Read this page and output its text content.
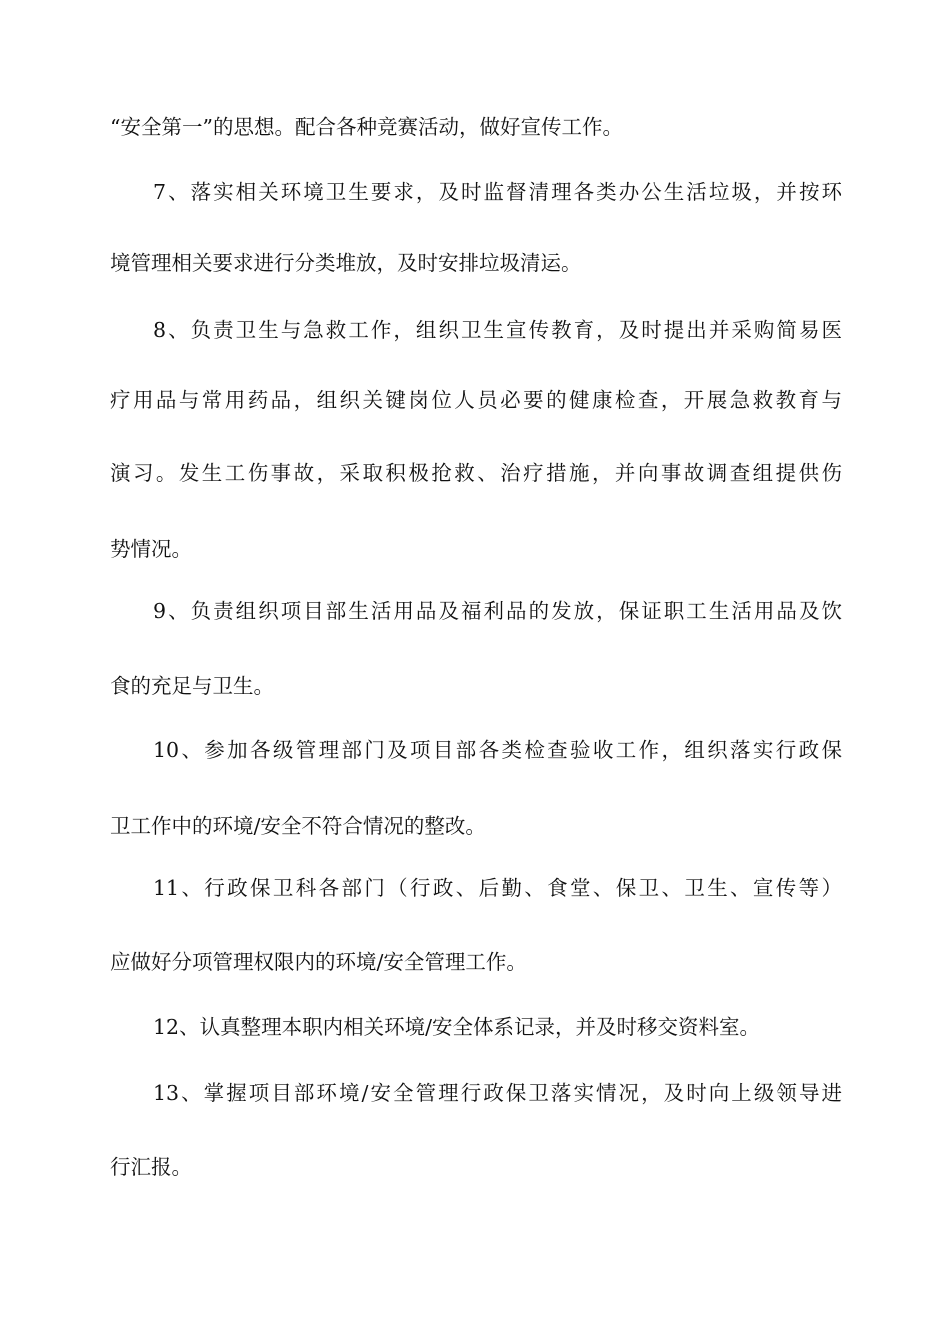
“安全第一”的思想。配合各种竞赛活动，做好宣传工作。
7、落实相关环境卫生要求，及时监督清理各类办公生活垃圾，并按环
境管理相关要求进行分类堆放，及时安排垃圾清运。
8、负责卫生与急救工作，组织卫生宣传教育，及时提出并采购简易医
疗用品与常用药品，组织关键岗位人员必要的健康检查，开展急救教育与
演习。发生工伤事故，采取积极抢救、治疗措施，并向事故调查组提供伤
势情况。
9、负责组织项目部生活用品及福利品的发放，保证职工生活用品及饮
食的充足与卫生。
10、参加各级管理部门及项目部各类检查验收工作，组织落实行政保
卫工作中的环境/安全不符合情况的整改。
11、行政保卫科各部门（行政、后勤、食堂、保卫、卫生、宣传等）
应做好分项管理权限内的环境/安全管理工作。
12、认真整理本职内相关环境/安全体系记录，并及时移交资料室。
13、掌握项目部环境/安全管理行政保卫落实情况，及时向上级领导进
行汇报。
